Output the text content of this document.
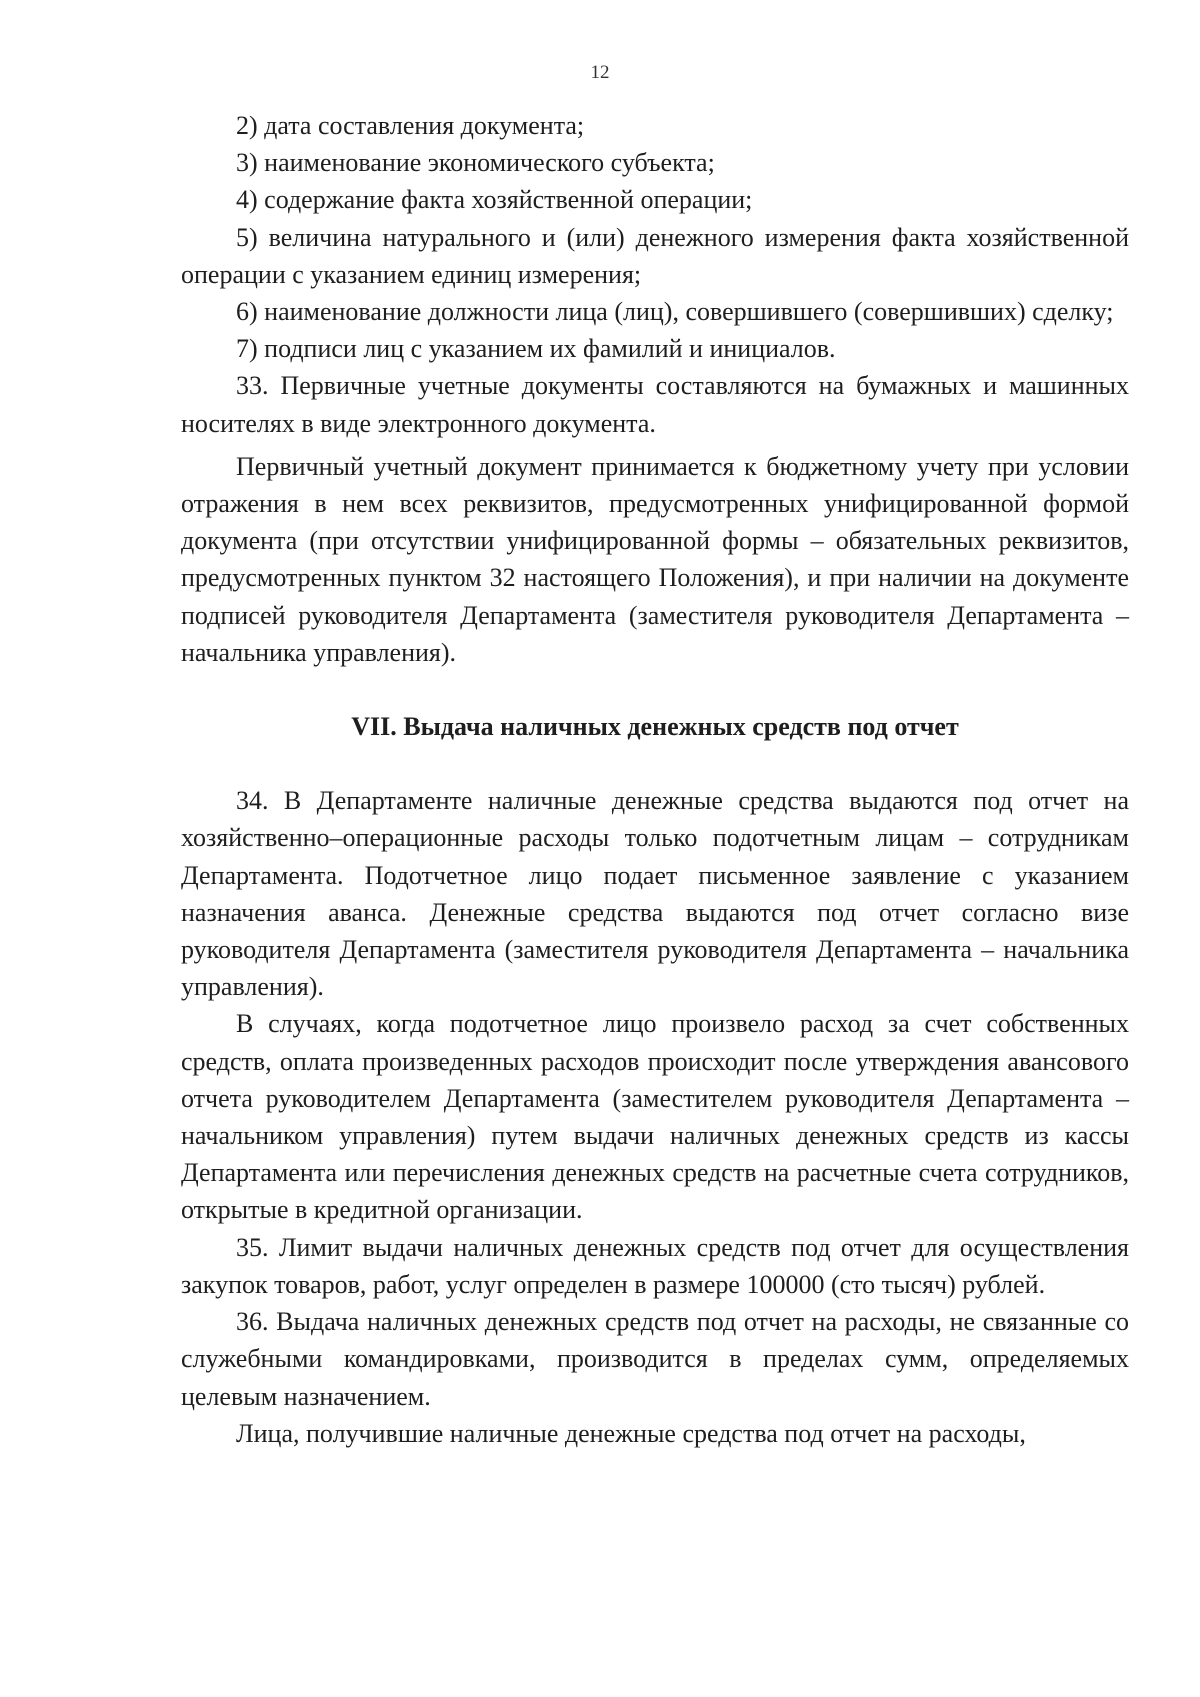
12

2) дата составления документа;

3) наименование экономического субъекта;

4) содержание факта хозяйственной операции;

5) величина натурального и (или) денежного измерения факта хозяйственной операции с указанием единиц измерения;

6) наименование должности лица (лиц), совершившего (совершивших) сделку;

7) подписи лиц с указанием их фамилий и инициалов.

33. Первичные учетные документы составляются на бумажных и машинных носителях в виде электронного документа.

Первичный учетный документ принимается к бюджетному учету при условии отражения в нем всех реквизитов, предусмотренных унифицированной формой документа (при отсутствии унифицированной формы – обязательных реквизитов, предусмотренных пунктом 32 настоящего Положения), и при наличии на документе подписей руководителя Департамента (заместителя руководителя Департамента – начальника управления).

VII. Выдача наличных денежных средств под отчет

34. В Департаменте наличные денежные средства выдаются под отчет на хозяйственно–операционные расходы только подотчетным лицам – сотрудникам Департамента. Подотчетное лицо подает письменное заявление с указанием назначения аванса. Денежные средства выдаются под отчет согласно визе руководителя Департамента (заместителя руководителя Департамента – начальника управления).

В случаях, когда подотчетное лицо произвело расход за счет собственных средств, оплата произведенных расходов происходит после утверждения авансового отчета руководителем Департамента (заместителем руководителя Департамента – начальником управления) путем выдачи наличных денежных средств из кассы Департамента или перечисления денежных средств на расчетные счета сотрудников, открытые в кредитной организации.

35. Лимит выдачи наличных денежных средств под отчет для осуществления закупок товаров, работ, услуг определен в размере 100000 (сто тысяч) рублей.

36. Выдача наличных денежных средств под отчет на расходы, не связанные со служебными командировками, производится в пределах сумм, определяемых целевым назначением.

Лица, получившие наличные денежные средства под отчет на расходы,
